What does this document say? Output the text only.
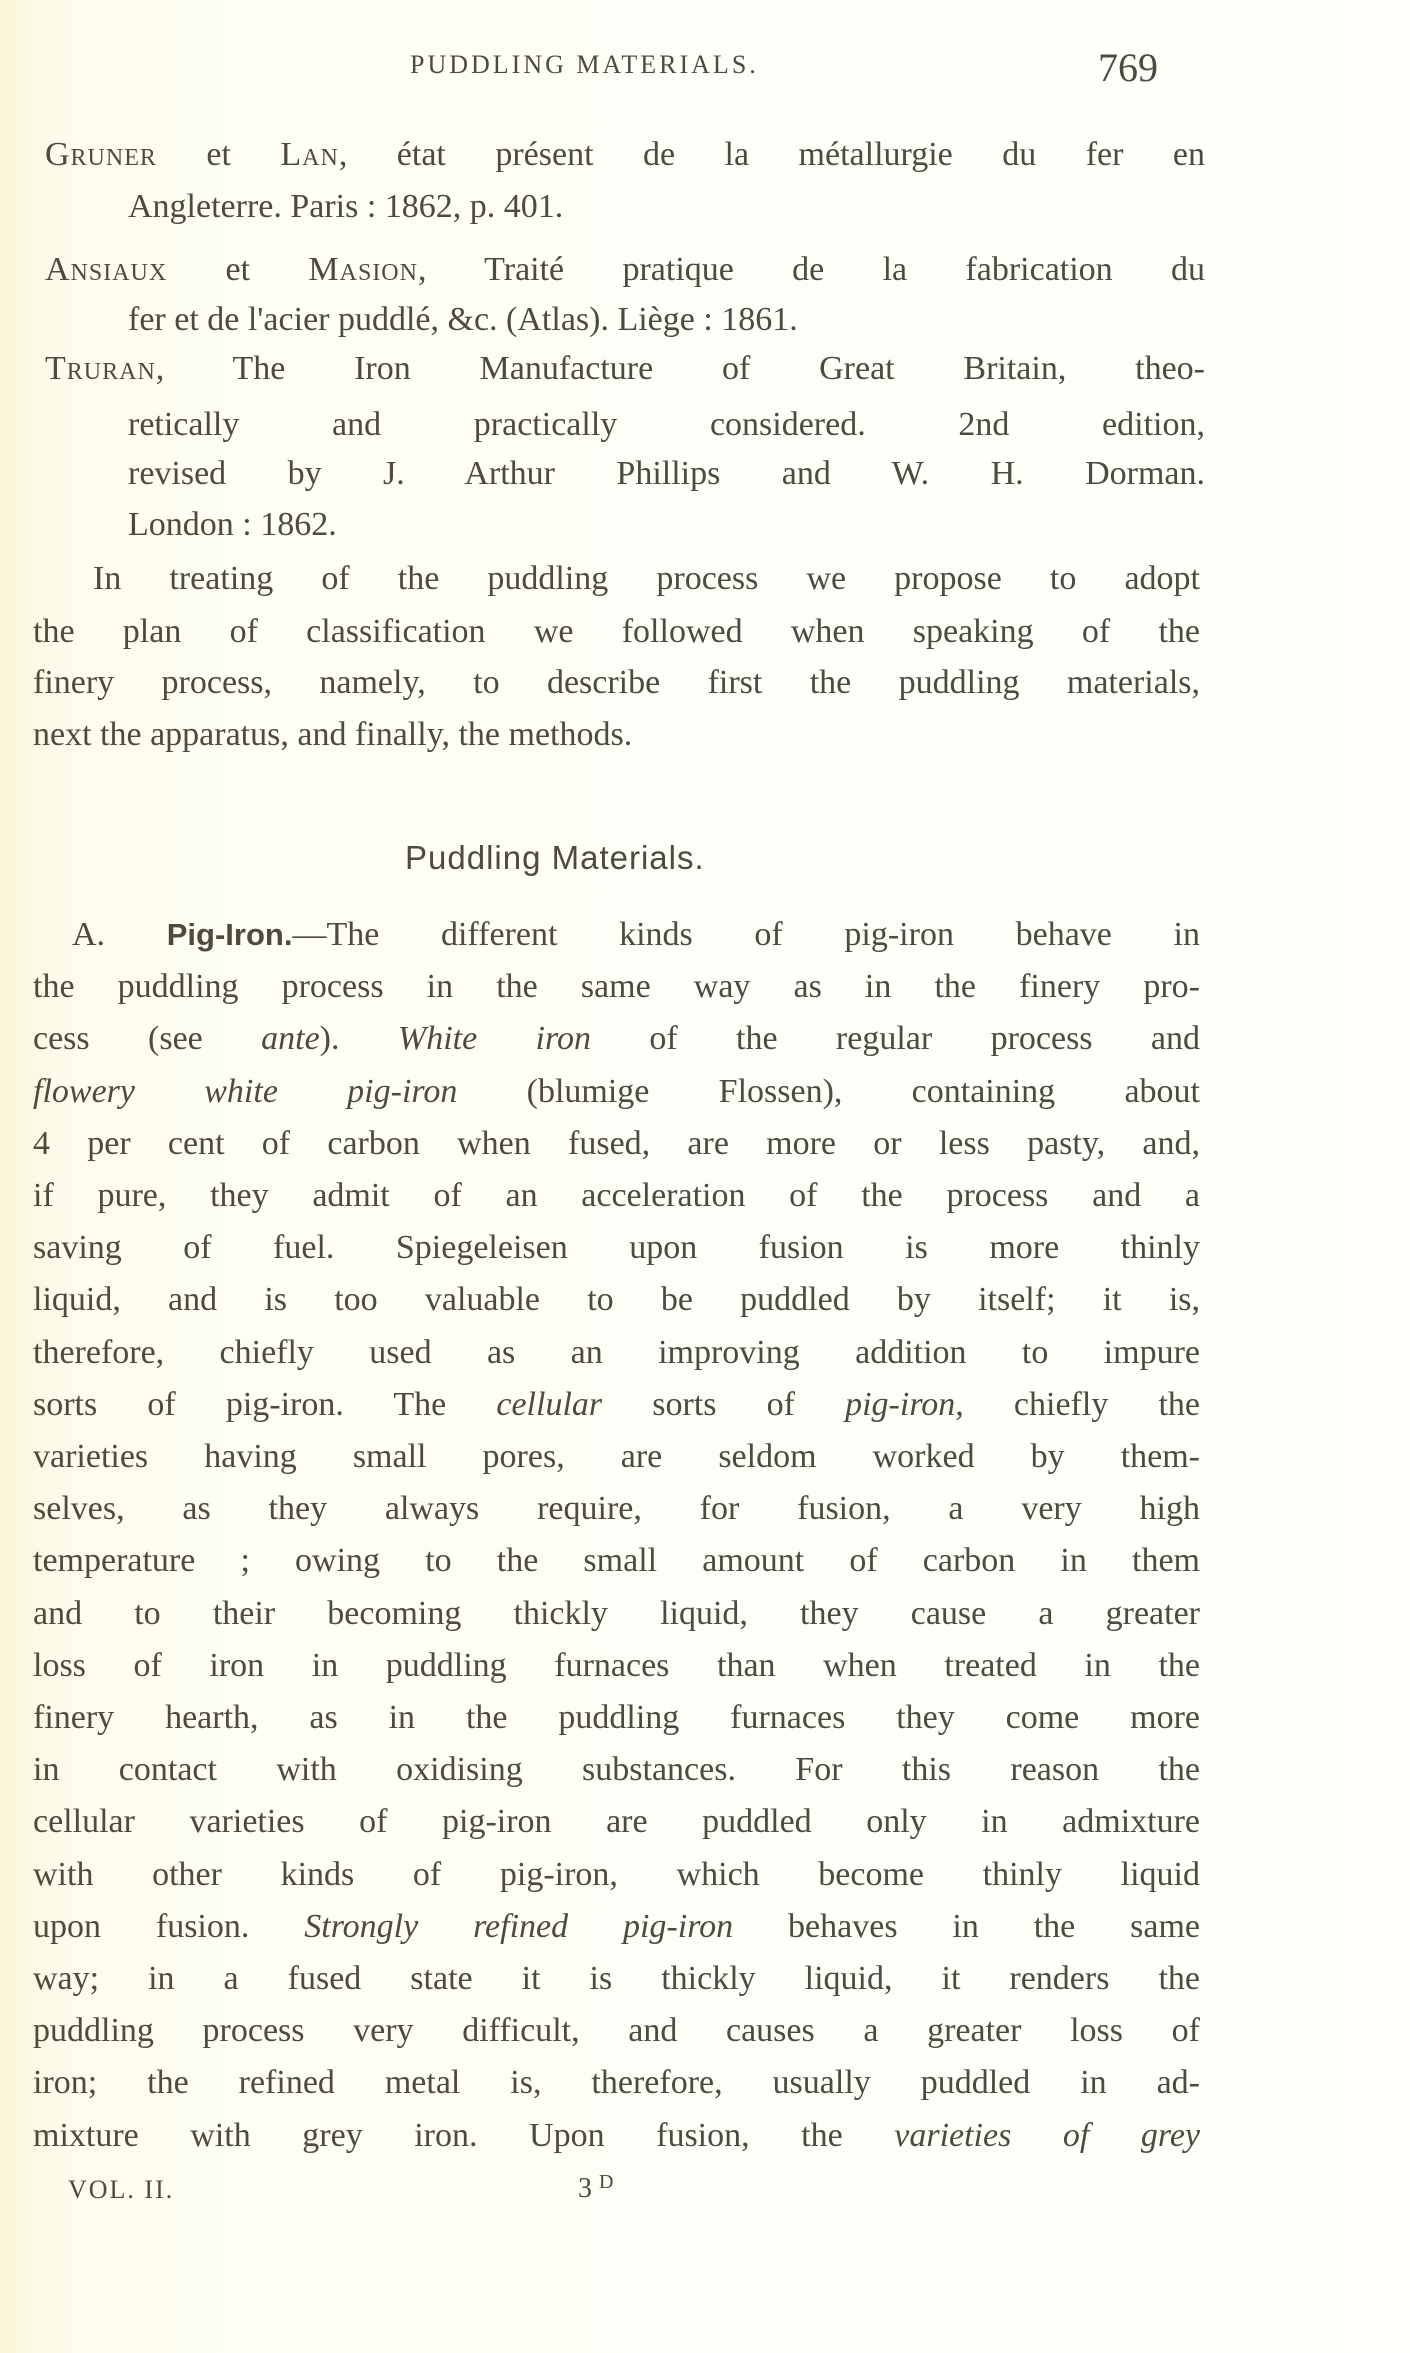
PUDDLING MATERIALS.	769
Gruner et Lan, état présent de la métallurgie du fer en
Angleterre. Paris : 1862, p. 401.
Ansiaux et Masion, Traité pratique de la fabrication du
fer et de l'acier puddlé, &c. (Atlas). Liège : 1861.
Truran, The Iron Manufacture of Great Britain, theo-
retically and practically considered. 2nd edition,
revised by J. Arthur Phillips and W. H. Dorman.
London : 1862.
In treating of the puddling process we propose to adopt
the plan of classification we followed when speaking of the
finery process, namely, to describe first the puddling materials,
next the apparatus, and finally, the methods.
Puddling Materials.
A. Pig-Iron.—The different kinds of pig-iron behave in
the puddling process in the same way as in the finery pro-
cess (see ante). White iron of the regular process and
flowery white pig-iron (blumige Flossen), containing about
4 per cent of carbon when fused, are more or less pasty, and,
if pure, they admit of an acceleration of the process and a
saving of fuel. Spiegeleisen upon fusion is more thinly
liquid, and is too valuable to be puddled by itself; it is,
therefore, chiefly used as an improving addition to impure
sorts of pig-iron. The cellular sorts of pig-iron, chiefly the
varieties having small pores, are seldom worked by them-
selves, as they always require, for fusion, a very high
temperature ; owing to the small amount of carbon in them
and to their becoming thickly liquid, they cause a greater
loss of iron in puddling furnaces than when treated in the
finery hearth, as in the puddling furnaces they come more
in contact with oxidising substances. For this reason the
cellular varieties of pig-iron are puddled only in admixture
with other kinds of pig-iron, which become thinly liquid
upon fusion. Strongly refined pig-iron behaves in the same
way; in a fused state it is thickly liquid, it renders the
puddling process very difficult, and causes a greater loss of
iron; the refined metal is, therefore, usually puddled in ad-
mixture with grey iron. Upon fusion, the varieties of grey
VOL. II.	3 $^D$
